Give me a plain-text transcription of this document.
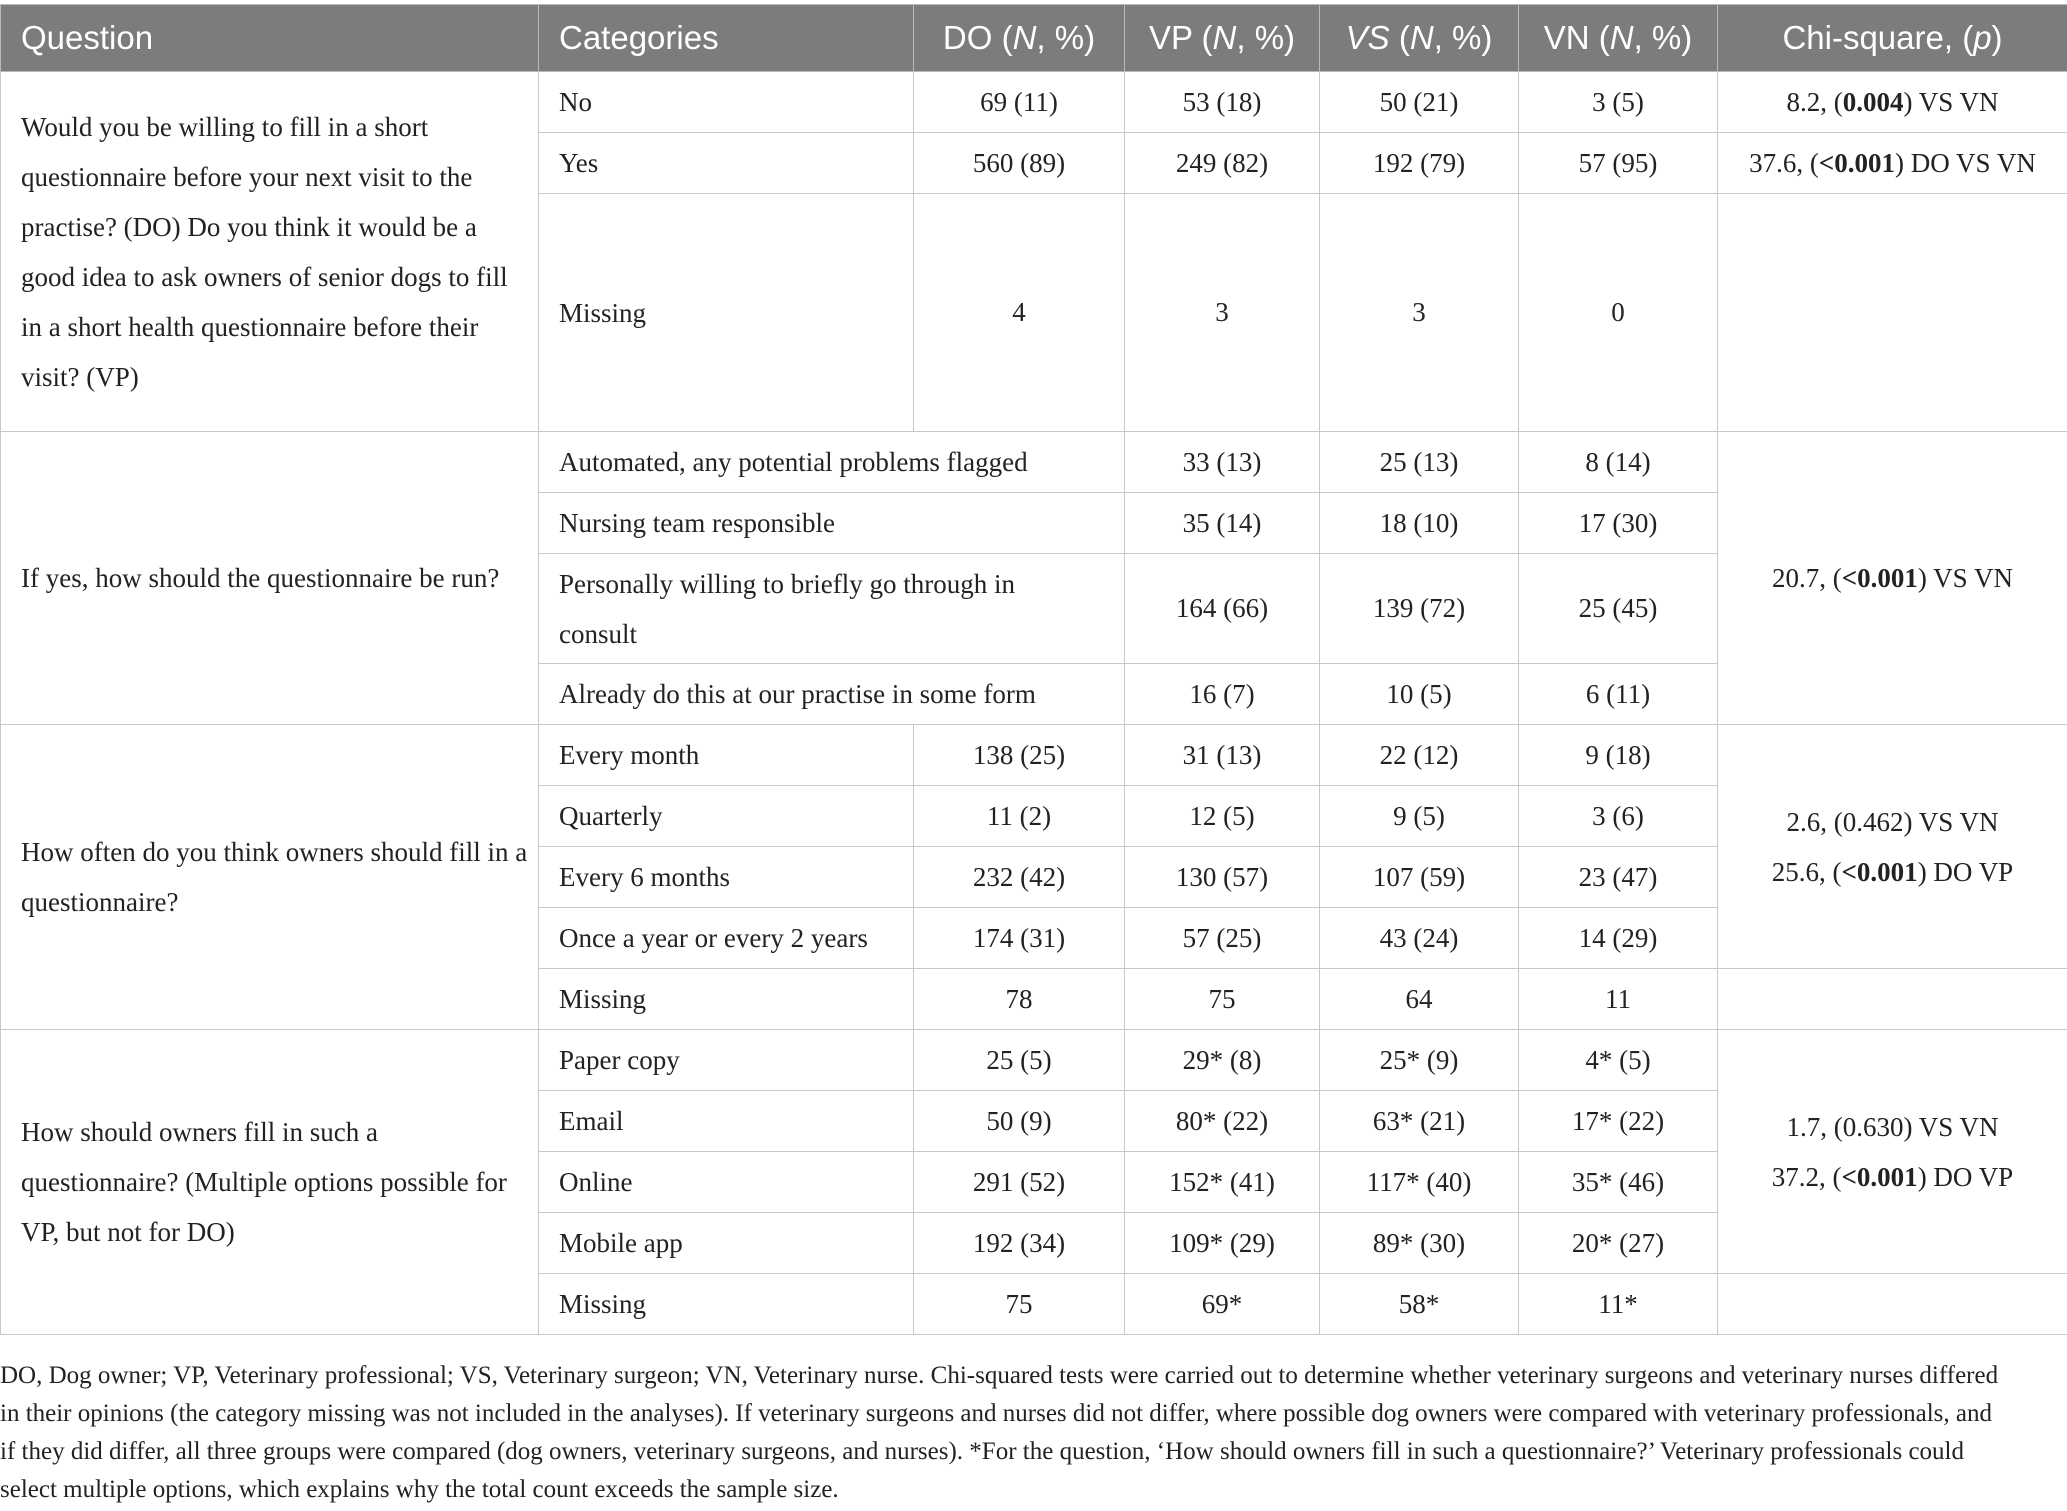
Question	Categories	DO (N, %)	VP (N, %)	VS (N, %)	VN (N, %)	Chi-square, (p)
Would you be willing to fill in a short questionnaire before your next visit to the practise? (DO) Do you think it would be a good idea to ask owners of senior dogs to fill in a short health questionnaire before their visit? (VP)	No	69 (11)	53 (18)	50 (21)	3 (5)	8.2, (0.004) VS VN
	Yes	560 (89)	249 (82)	192 (79)	57 (95)	37.6, (<0.001) DO VS VN
	Missing	4	3	3	0	
If yes, how should the questionnaire be run?	Automated, any potential problems flagged		33 (13)	25 (13)	8 (14)	20.7, (<0.001) VS VN
	Nursing team responsible		35 (14)	18 (10)	17 (30)	

	Personally willing to briefly go through in consult		164 (66)	139 (72)	25 (45)	
	Already do this at our practise in some form		16 (7)	10 (5)	6 (11)	
How often do you think owners should fill in a questionnaire?	Every month	138 (25)	31 (13)	22 (12)	9 (18)	2.6, (0.462) VS VN
25.6, (<0.001) DO VP

	Quarterly	11 (2)	12 (5)	9 (5)	3 (6)	
	Every 6 months	232 (42)	130 (57)	107 (59)	23 (47)	
	Once a year or every 2 years	174 (31)	57 (25)	43 (24)	14 (29)	
	Missing	78	75	64	11	
How should owners fill in such a questionnaire? (Multiple options possible for VP, but not for DO)	Paper copy	25 (5)	29* (8)	25* (9)	4* (5)	1.7, (0.630) VS VN
37.2, (<0.001) DO VP

	Email	50 (9)	80* (22)	63* (21)	17* (22)	
	Online	291 (52)	152* (41)	117* (40)	35* (46)	
	Mobile app	192 (34)	109* (29)	89* (30)	20* (27)	
	Missing	75	69*	58*	11*	
DO, Dog owner; VP, Veterinary professional; VS, Veterinary surgeon; VN, Veterinary nurse. Chi-squared tests were carried out to determine whether veterinary surgeons and veterinary nurses differed in their opinions (the category missing was not included in the analyses). If veterinary surgeons and nurses did not differ, where possible dog owners were compared with veterinary professionals, and if they did differ, all three groups were compared (dog owners, veterinary surgeons, and nurses). *For the question, ‘How should owners fill in such a questionnaire?’ Veterinary professionals could select multiple options, which explains why the total count exceeds the sample size.
